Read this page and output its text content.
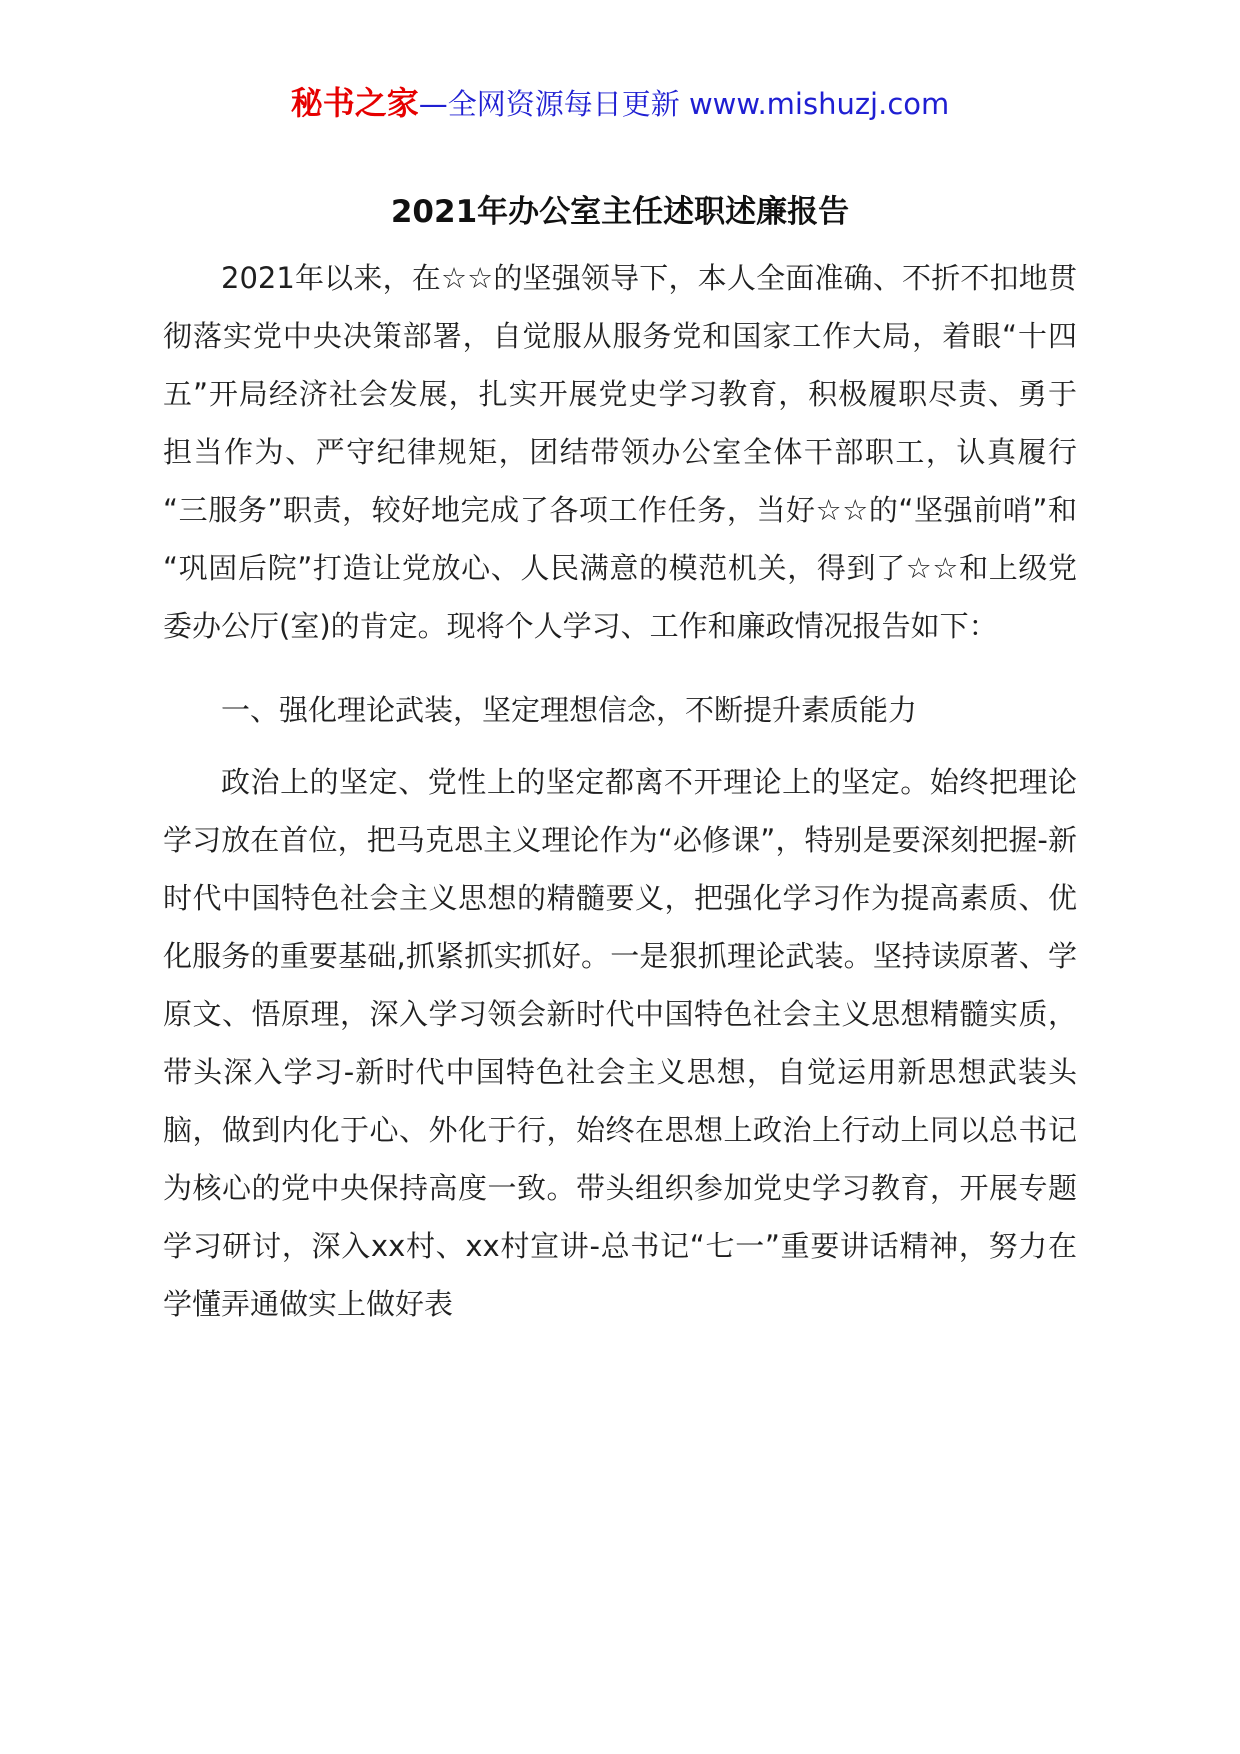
秘书之家—全网资源每日更新 www.mishuzj.com
2021年办公室主任述职述廉报告

2021年以来，在☆☆的坚强领导下，本人全面准确、不折不扣地贯彻落实党中央决策部署，自觉服从服务党和国家工作大局，着眼“十四五”开局经济社会发展，扎实开展党史学习教育，积极履职尽责、勇于担当作为、严守纪律规矩，团结带领办公室全体干部职工，认真履行“三服务”职责，较好地完成了各项工作任务，当好☆☆的“坚强前哨”和“巩固后院”打造让党放心、人民满意的模范机关，得到了☆☆和上级党委办公厅(室)的肯定。现将个人学习、工作和廉政情况报告如下：

一、强化理论武装，坚定理想信念，不断提升素质能力

政治上的坚定、党性上的坚定都离不开理论上的坚定。始终把理论学习放在首位，把马克思主义理论作为“必修课”，特别是要深刻把握-新时代中国特色社会主义思想的精髓要义，把强化学习作为提高素质、优化服务的重要基础,抓紧抓实抓好。一是狠抓理论武装。坚持读原著、学原文、悟原理，深入学习领会新时代中国特色社会主义思想精髓实质，带头深入学习-新时代中国特色社会主义思想，自觉运用新思想武装头脑，做到内化于心、外化于行，始终在思想上政治上行动上同以总书记为核心的党中央保持高度一致。带头组织参加党史学习教育，开展专题学习研讨，深入xx村、xx村宣讲-总书记“七一”重要讲话精神，努力在学懂弄通做实上做好表
